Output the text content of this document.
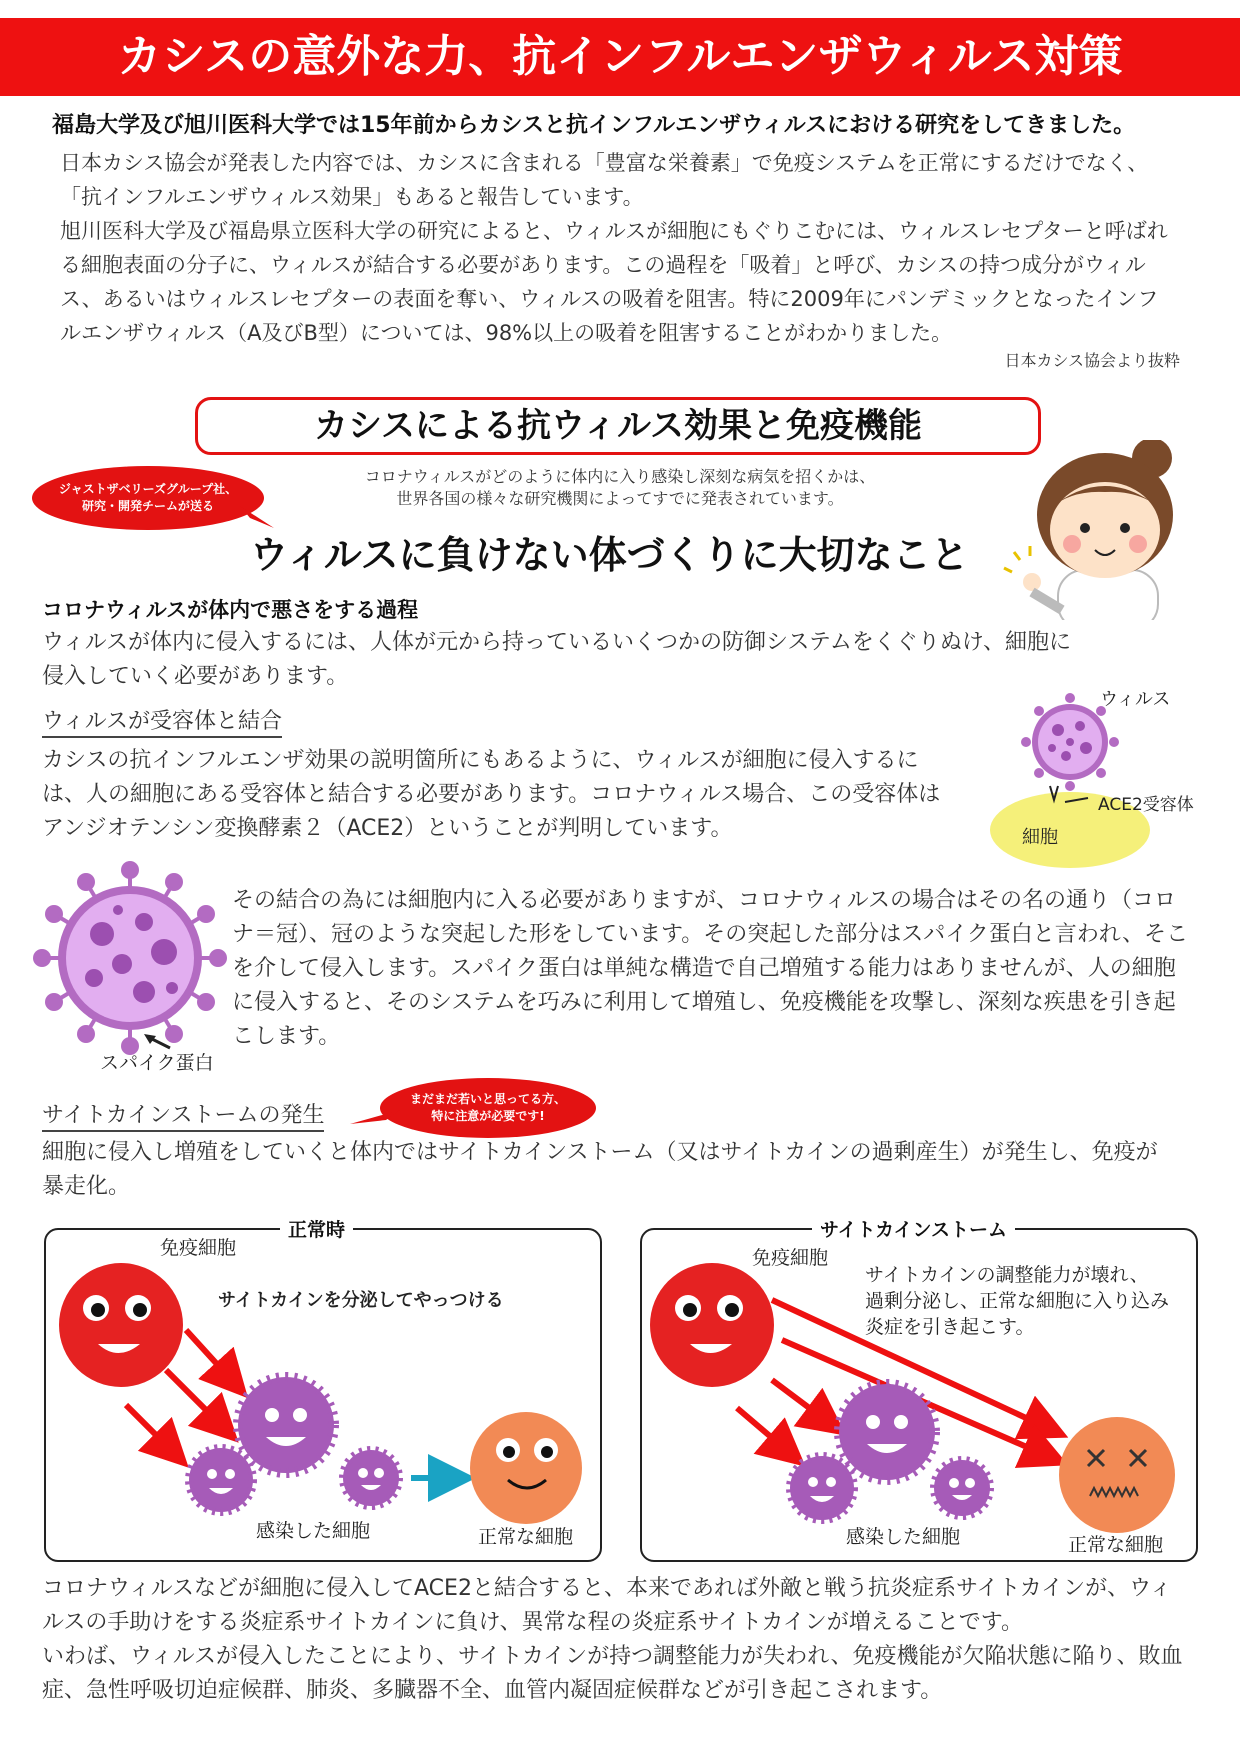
カシスの意外な力、抗インフルエンザウィルス対策
福島大学及び旭川医科大学では15年前からカシスと抗インフルエンザウィルスにおける研究をしてきました。

日本カシス協会が発表した内容では、カシスに含まれる「豊富な栄養素」で免疫システムを正常にするだけでなく、「抗インフルエンザウィルス効果」もあると報告しています。

旭川医科大学及び福島県立医科大学の研究によると、ウィルスが細胞にもぐりこむには、ウィルスレセプターと呼ばれる細胞表面の分子に、ウィルスが結合する必要があります。この過程を「吸着」と呼び、カシスの持つ成分がウィルス、あるいはウィルスレセプターの表面を奪い、ウィルスの吸着を阻害。特に2009年にパンデミックとなったインフルエンザウィルス（A及びB型）については、98%以上の吸着を阻害することがわかりました。

日本カシス協会より抜粋
カシスによる抗ウィルス効果と免疫機能
ジャストザベリーズグループ社、
研究・開発チームが送る
コロナウィルスがどのように体内に入り感染し深刻な病気を招くかは、
世界各国の様々な研究機関によってすでに発表されています。
ウィルスに負けない体づくりに大切なこと
コロナウィルスが体内で悪さをする過程
ウィルスが体内に侵入するには、人体が元から持っているいくつかの防御システムをくぐりぬけ、細胞に侵入していく必要があります。
ウィルスが受容体と結合
カシスの抗インフルエンザ効果の説明箇所にもあるように、ウィルスが細胞に侵入するには、人の細胞にある受容体と結合する必要があります。コロナウィルス場合、この受容体はアンジオテンシン変換酵素２（ACE2）ということが判明しています。
ACE2受容体
ウィルス
細胞
スパイク蛋白
その結合の為には細胞内に入る必要がありますが、コロナウィルスの場合はその名の通り（コロナ＝冠）、冠のような突起した形をしています。その突起した部分はスパイク蛋白と言われ、そこを介して侵入します。スパイク蛋白は単純な構造で自己増殖する能力はありませんが、人の細胞に侵入すると、そのシステムを巧みに利用して増殖し、免疫機能を攻撃し、深刻な疾患を引き起こします。
サイトカインストームの発生
まだまだ若いと思ってる方、
特に注意が必要です!
細胞に侵入し増殖をしていくと体内ではサイトカインストーム（又はサイトカインの過剰産生）が発生し、免疫が暴走化。
正常時
免疫細胞
サイトカインを分泌してやっつける
感染した細胞	正常な細胞
サイトカインストーム
免疫細胞
サイトカインの調整能力が壊れ、
過剰分泌し、正常な細胞に入り込み
炎症を引き起こす。
感染した細胞	正常な細胞
コロナウィルスなどが細胞に侵入してACE2と結合すると、本来であれば外敵と戦う抗炎症系サイトカインが、ウィルスの手助けをする炎症系サイトカインに負け、異常な程の炎症系サイトカインが増えることです。
いわば、ウィルスが侵入したことにより、サイトカインが持つ調整能力が失われ、免疫機能が欠陥状態に陥り、敗血症、急性呼吸切迫症候群、肺炎、多臓器不全、血管内凝固症候群などが引き起こされます。
